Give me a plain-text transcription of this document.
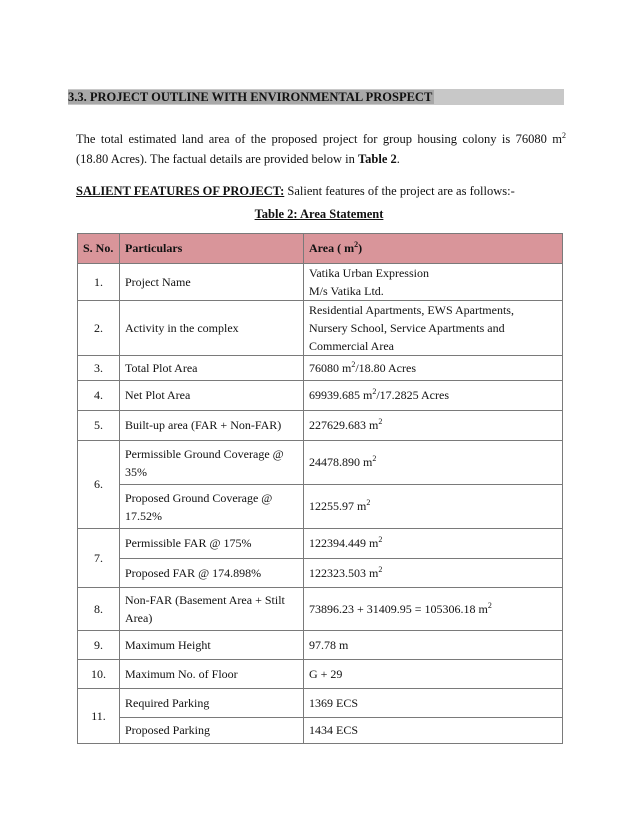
3.3. PROJECT OUTLINE WITH ENVIRONMENTAL PROSPECT
The total estimated land area of the proposed project for group housing colony is 76080 $m^2$ (18.80 Acres). The factual details are provided below in Table 2.
SALIENT FEATURES OF PROJECT: Salient features of the project are as follows:-
Table 2: Area Statement
S. No.	Particulars	Area ( $m^2$)
1.	Project Name	Vatika Urban Expression
M/s Vatika Ltd.

2.	Activity in the complex	Residential Apartments, EWS Apartments,
Nursery School, Service Apartments and
Commercial Area

3.	Total Plot Area	76080 $m^2/18.80$ Acres
4.	Net Plot Area	69939.685 $m^2/17.2825$ Acres
5.	Built-up area (FAR + Non-FAR)	227629.683 $m^2$
6.	Permissible Ground Coverage @
35%	24478.890 $m^2$

	Proposed Ground Coverage @
17.52%	12255.97 $m^2$
7.	Permissible FAR @ 175%	122394.449 $m^2$
	Proposed FAR @ 174.898%	122323.503 $m^2$
8.	Non-FAR (Basement Area + Stilt
Area)	73896.23 + 31409.95 = 105306.18 $m^2$
9.	Maximum Height	97.78 m
10.	Maximum No. of Floor	G + 29
11.	Required Parking	1369 ECS
	Proposed Parking	1434 ECS
